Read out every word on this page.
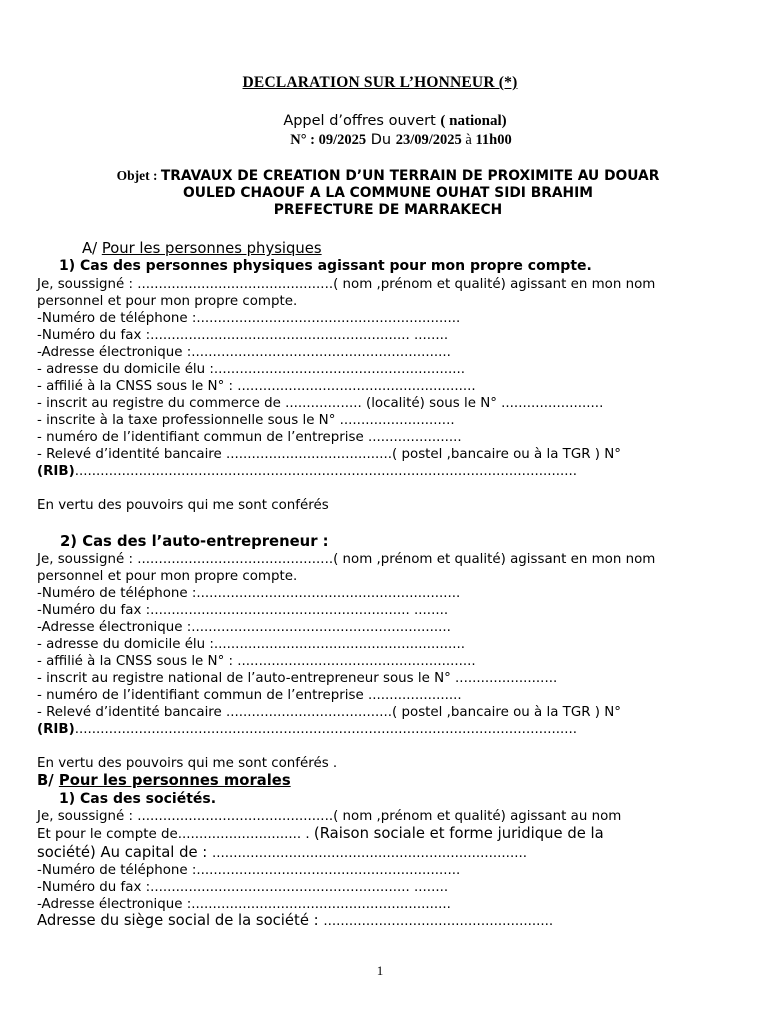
DECLARATION SUR L’HONNEUR (*)
Appel d’offres ouvert ( national)
N° : 09/2025 Du 23/09/2025 à 11h00
Objet : TRAVAUX DE CREATION D’UN TERRAIN DE PROXIMITE AU DOUAR
OULED CHAOUF A LA COMMUNE OUHAT SIDI BRAHIM
PREFECTURE DE MARRAKECH
A/ Pour les personnes physiques
1) Cas des personnes physiques agissant pour mon propre compte.
Je, soussigné : ..............................................( nom ,prénom et qualité) agissant en mon nom
personnel et pour mon propre compte.
-Numéro de téléphone :..............................................................
-Numéro du fax :............................................................. ........
-Adresse électronique :.............................................................
- adresse du domicile élu :...........................................................
- affilié à la CNSS sous le N° : ........................................................
- inscrit au registre du commerce de .................. (localité) sous le N° ........................
- inscrite à la taxe professionnelle sous le N° ...........................
- numéro de l’identifiant commun de l’entreprise ......................
- Relevé d’identité bancaire .......................................( postel ,bancaire ou à la TGR ) N°
(RIB)......................................................................................................................
En vertu des pouvoirs qui me sont conférés
2) Cas des l’auto-entrepreneur :
Je, soussigné : ..............................................( nom ,prénom et qualité) agissant en mon nom
personnel et pour mon propre compte.
-Numéro de téléphone :..............................................................
-Numéro du fax :............................................................. ........
-Adresse électronique :.............................................................
- adresse du domicile élu :...........................................................
- affilié à la CNSS sous le N° : ........................................................
- inscrit au registre national de l’auto-entrepreneur sous le N° ........................
- numéro de l’identifiant commun de l’entreprise ......................
- Relevé d’identité bancaire .......................................( postel ,bancaire ou à la TGR ) N°
(RIB)......................................................................................................................
En vertu des pouvoirs qui me sont conférés .
B/ Pour les personnes morales
1) Cas des sociétés.
Je, soussigné : ..............................................( nom ,prénom et qualité) agissant au nom
Et pour le compte de............................. . (Raison sociale et forme juridique de la
société) Au capital de : ..........................................................................
-Numéro de téléphone :..............................................................
-Numéro du fax :............................................................. ........
-Adresse électronique :.............................................................
Adresse du siège social de la société : ......................................................
1
